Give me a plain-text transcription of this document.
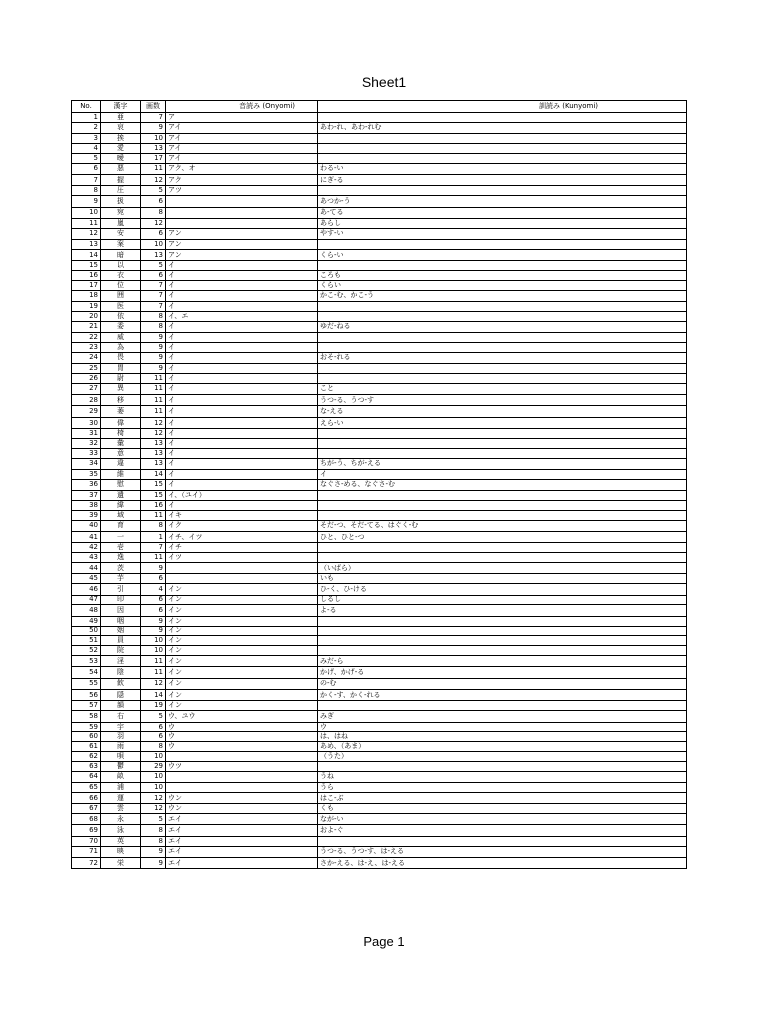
Sheet1
No.	漢字	画数	音読み (Onyomi)	訓読み (Kunyomi)
1	亜	7	ア	
2	哀	9	アイ	あわ-れ、あわ-れむ
3	挨	10	アイ	
4	愛	13	アイ	
5	曖	17	アイ	
6	悪	11	アク、オ	わる-い
7	握	12	アク	にぎ-る
8	圧	5	アツ	
9	扱	6		あつか-う
10	宛	8		あ-てる
11	嵐	12		あらし
12	安	6	アン	やす-い
13	案	10	アン	
14	暗	13	アン	くら-い
15	以	5	イ	
16	衣	6	イ	ころも
17	位	7	イ	くらい
18	囲	7	イ	かこ-む、かこ-う
19	医	7	イ	
20	依	8	イ、エ	
21	委	8	イ	ゆだ-ねる
22	威	9	イ	
23	為	9	イ	
24	畏	9	イ	おそ-れる
25	胃	9	イ	
26	尉	11	イ	
27	異	11	イ	こと
28	移	11	イ	うつ-る、うつ-す
29	萎	11	イ	な-える
30	偉	12	イ	えら-い
31	椅	12	イ	
32	彙	13	イ	
33	意	13	イ	
34	違	13	イ	ちが-う、ちが-える
35	維	14	イ	イ
36	慰	15	イ	なぐさ-める、なぐさ-む
37	遺	15	イ、（ユイ）	
38	緯	16	イ	
39	域	11	イキ	
40	育	8	イク	そだ-つ、そだ-てる、はぐく-む
41	一	1	イチ、イツ	ひと、ひと-つ
42	壱	7	イチ	
43	逸	11	イツ	
44	茨	9		（いばら）
45	芋	6		いも
46	引	4	イン	ひ-く、ひ-ける
47	印	6	イン	しるし
48	因	6	イン	よ-る
49	咽	9	イン	
50	姻	9	イン	
51	員	10	イン	
52	院	10	イン	
53	淫	11	イン	みだ-ら
54	陰	11	イン	かげ、かげ-る
55	飲	12	イン	の-む
56	隠	14	イン	かく-す、かく-れる
57	韻	19	イン	
58	右	5	ウ、ユウ	みぎ
59	宇	6	ウ	ウ
60	羽	6	ウ	は、はね
61	雨	8	ウ	あめ、（あま）
62	唄	10		（うた）
63	鬱	29	ウツ	
64	畝	10		うね
65	浦	10		うら
66	運	12	ウン	はこ-ぶ
67	雲	12	ウン	くも
68	永	5	エイ	なが-い
69	泳	8	エイ	およ-ぐ
70	英	8	エイ	
71	映	9	エイ	うつ-る、うつ-す、は-える
72	栄	9	エイ	さか-える、は-え、は-える
Page 1
